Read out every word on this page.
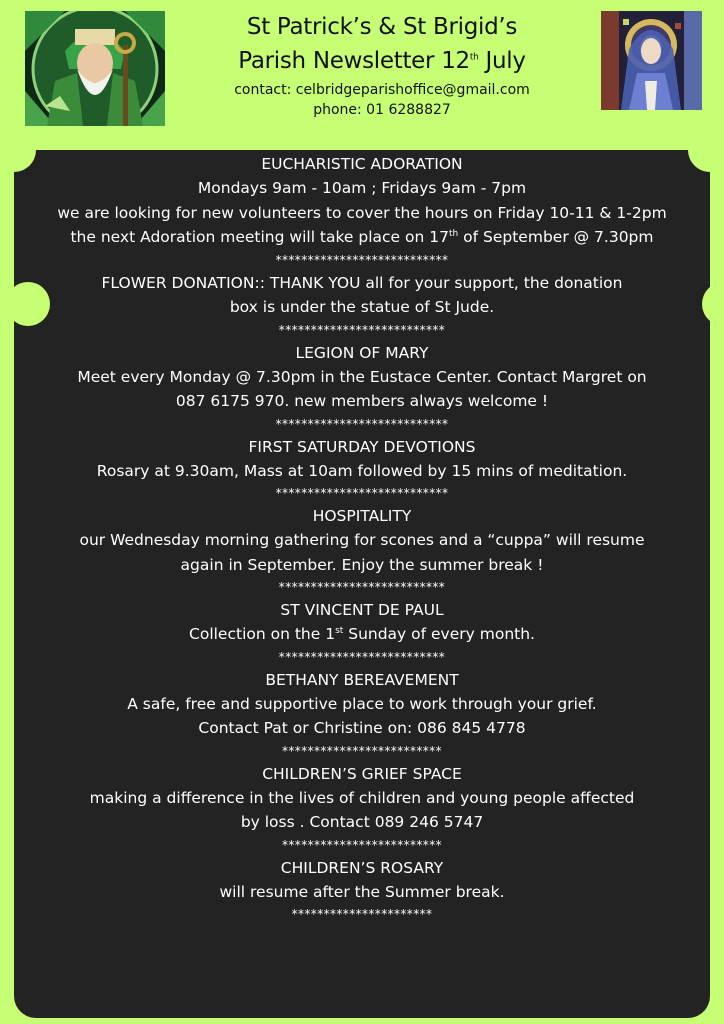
St Patrick’s & St Brigid’s
Parish Newsletter 12th July
contact: celbridgeparishoffice@gmail.com
phone: 01 6288827
EUCHARISTIC ADORATION
Mondays 9am - 10am ; Fridays 9am - 7pm
we are looking for new volunteers to cover the hours on Friday 10-11 & 1-2pm
the next Adoration meeting will take place on 17th of September @ 7.30pm
***************************
FLOWER DONATION:: THANK YOU all for your support, the donation
box is under the statue of St Jude.
**************************
LEGION OF MARY
Meet every Monday @ 7.30pm in the Eustace Center. Contact Margret on
087 6175 970. new members always welcome !
***************************
FIRST SATURDAY DEVOTIONS
Rosary at 9.30am, Mass at 10am followed by 15 mins of meditation.
***************************
HOSPITALITY
our Wednesday morning gathering for scones and a “cuppa” will resume
again in September. Enjoy the summer break !
**************************
ST VINCENT DE PAUL
Collection on the 1st Sunday of every month.
**************************
BETHANY BEREAVEMENT
A safe, free and supportive place to work through your grief.
Contact Pat or Christine on: 086 845 4778
*************************
CHILDREN’S GRIEF SPACE
making a difference in the lives of children and young people affected
by loss . Contact 089 246 5747
*************************
CHILDREN’S ROSARY
will resume after the Summer break.
**********************
